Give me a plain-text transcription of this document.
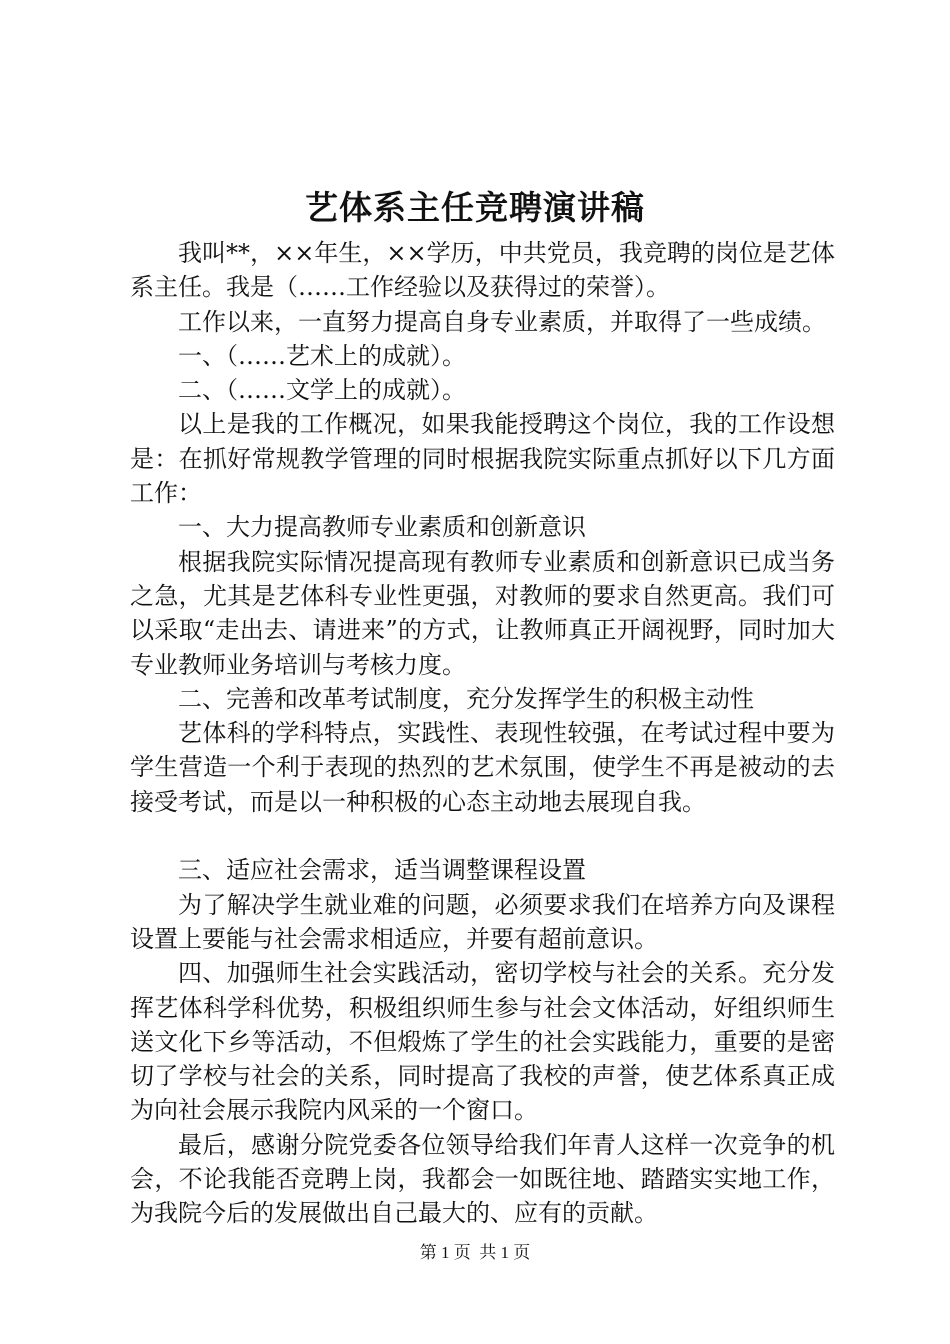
艺体系主任竞聘演讲稿

我叫**，××年生，××学历，中共党员，我竞聘的岗位是艺体系主任。我是（……工作经验以及获得过的荣誉）。

工作以来，一直努力提高自身专业素质，并取得了一些成绩。

一、（……艺术上的成就）。

二、（……文学上的成就）。

以上是我的工作概况，如果我能授聘这个岗位，我的工作设想是：在抓好常规教学管理的同时根据我院实际重点抓好以下几方面工作：

一、大力提高教师专业素质和创新意识

根据我院实际情况提高现有教师专业素质和创新意识已成当务之急，尤其是艺体科专业性更强，对教师的要求自然更高。我们可以采取“走出去、请进来”的方式，让教师真正开阔视野，同时加大专业教师业务培训与考核力度。

二、完善和改革考试制度，充分发挥学生的积极主动性

艺体科的学科特点，实践性、表现性较强，在考试过程中要为学生营造一个利于表现的热烈的艺术氛围，使学生不再是被动的去接受考试，而是以一种积极的心态主动地去展现自我。

三、适应社会需求，适当调整课程设置

为了解决学生就业难的问题，必须要求我们在培养方向及课程设置上要能与社会需求相适应，并要有超前意识。

四、加强师生社会实践活动，密切学校与社会的关系。充分发挥艺体科学科优势，积极组织师生参与社会文体活动，好组织师生送文化下乡等活动，不但煅炼了学生的社会实践能力，重要的是密切了学校与社会的关系，同时提高了我校的声誉，使艺体系真正成为向社会展示我院内风采的一个窗口。

最后，感谢分院党委各位领导给我们年青人这样一次竞争的机会，不论我能否竞聘上岗，我都会一如既往地、踏踏实实地工作，为我院今后的发展做出自己最大的、应有的贡献。

第 1 页  共 1 页
